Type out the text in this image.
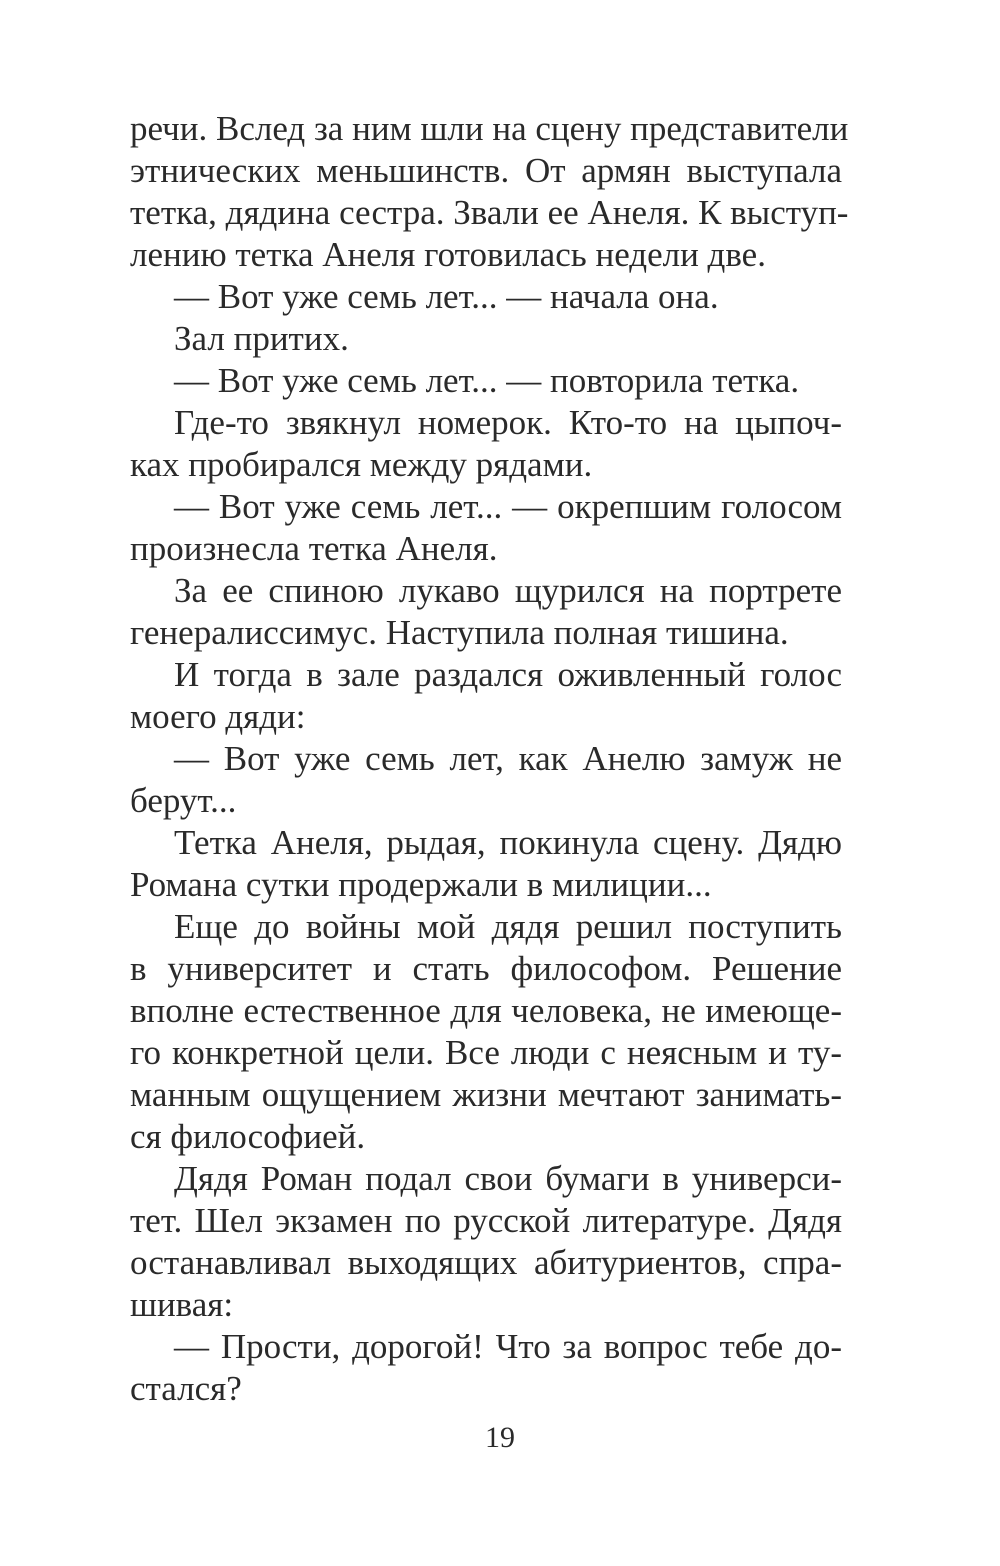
речи. Вслед за ним шли на сцену представители
этнических меньшинств. От армян выступала
тетка, дядина сестра. Звали ее Анеля. К выступ-
лению тетка Анеля готовилась недели две.
— Вот уже семь лет... — начала она.
Зал притих.
— Вот уже семь лет... — повторила тетка.
Где-то звякнул номерок. Кто-то на цыпоч-
ках пробирался между рядами.
— Вот уже семь лет... — окрепшим голосом
произнесла тетка Анеля.
За ее спиною лукаво щурился на портрете
генералиссимус. Наступила полная тишина.
И тогда в зале раздался оживленный голос
моего дяди:
— Вот уже семь лет, как Анелю замуж не
берут...
Тетка Анеля, рыдая, покинула сцену. Дядю
Романа сутки продержали в милиции...
Еще до войны мой дядя решил поступить
в университет и стать философом. Решение
вполне естественное для человека, не имеюще-
го конкретной цели. Все люди с неясным и ту-
манным ощущением жизни мечтают занимать-
ся философией.
Дядя Роман подал свои бумаги в универси-
тет. Шел экзамен по русской литературе. Дядя
останавливал выходящих абитуриентов, спра-
шивая:
— Прости, дорогой! Что за вопрос тебе до-
стался?
19
